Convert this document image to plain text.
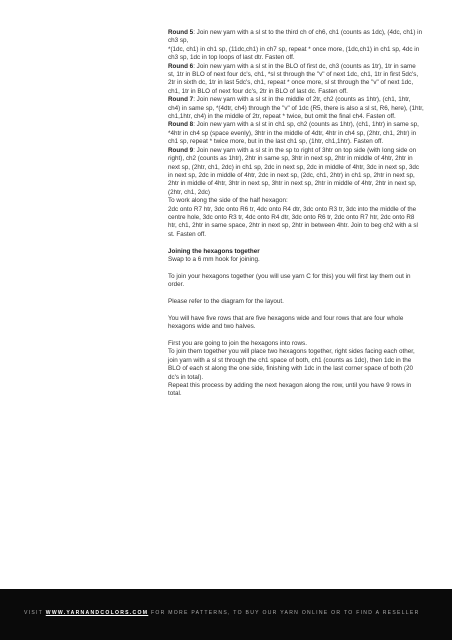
Round 5: Join new yarn with a sl st to the third ch of ch6, ch1 (counts as 1dc), (4dc, ch1) in ch3 sp,

*(1dc, ch1) in ch1 sp, (11dc,ch1) in ch7 sp, repeat * once more, (1dc,ch1) in ch1 sp, 4dc in ch3 sp, 1dc in top loops of last dtr. Fasten off.

Round 6: Join new yarn with a sl st in the BLO of first dc, ch3 (counts as 1tr), 1tr in same st, 1tr in BLO of next four dc's, ch1, *sl st through the "v" of next 1dc, ch1, 1tr in first 5dc's, 2tr in sixth dc, 1tr in last 5dc's, ch1, repeat * once more, sl st through the "v" of next 1dc, ch1, 1tr in BLO of next four dc's, 2tr in BLO of last dc. Fasten off.

Round 7: Join new yarn with a sl st in the middle of 2tr, ch2 (counts as 1htr), (ch1, 1htr, ch4) in same sp, *(4dtr, ch4) through the "v" of 1dc (R5, there is also a sl st, R6, here), (1htr, ch1,1htr, ch4) in the middle of 2tr, repeat * twice, but omit the final ch4. Fasten off.

Round 8: Join new yarn with a sl st in ch1 sp, ch2 (counts as 1htr), (ch1, 1htr) in same sp, *4htr in ch4 sp (space evenly), 3htr in the middle of 4dtr, 4htr in ch4 sp, (2htr, ch1, 2htr) in ch1 sp, repeat * twice more, but in the last ch1 sp, (1htr, ch1,1htr). Fasten off.

Round 9: Join new yarn with a sl st in the sp to right of 3htr on top side (with long side on right), ch2 (counts as 1htr), 2htr in same sp, 3htr in next sp, 2htr in middle of 4htr, 2htr in next sp, (2htr, ch1, 2dc) in ch1 sp, 2dc in next sp, 2dc in middle of 4htr, 3dc in next sp, 3dc in next sp, 2dc in middle of 4htr, 2dc in next sp, (2dc, ch1, 2htr) in ch1 sp, 2htr in next sp, 2htr in middle of 4htr, 3htr in next sp, 3htr in next sp, 2htr in middle of 4htr, 2htr in next sp, (2htr, ch1, 2dc)

To work along the side of the half hexagon:

2dc onto R7 htr, 3dc onto R6 tr, 4dc onto R4 dtr, 3dc onto R3 tr, 3dc into the middle of the centre hole, 3dc onto R3 tr, 4dc onto R4 dtr, 3dc onto R6 tr, 2dc onto R7 htr, 2dc onto R8 htr, ch1, 2htr in same space, 2htr in next sp, 2htr in between 4htr. Join to beg ch2 with a sl st. Fasten off.

Joining the hexagons together

Swap to a 6 mm hook for joining.

To join your hexagons together (you will use yarn C for this) you will first lay them out in order.

Please refer to the diagram for the layout.

You will have five rows that are five hexagons wide and four rows that are four whole hexagons wide and two halves.

First you are going to join the hexagons into rows.

To join them together you will place two hexagons together, right sides facing each other, join yarn with a sl st through the ch1 space of both, ch1 (counts as 1dc), then 1dc in the BLO of each st along the one side, finishing with 1dc in the last corner space of both (20 dc's in total).

Repeat this process by adding the next hexagon along the row, until you have 9 rows in total.

VISIT WWW.YARNANDCOLORS.COM FOR MORE PATTERNS, TO BUY OUR YARN ONLINE OR TO FIND A RESELLER
